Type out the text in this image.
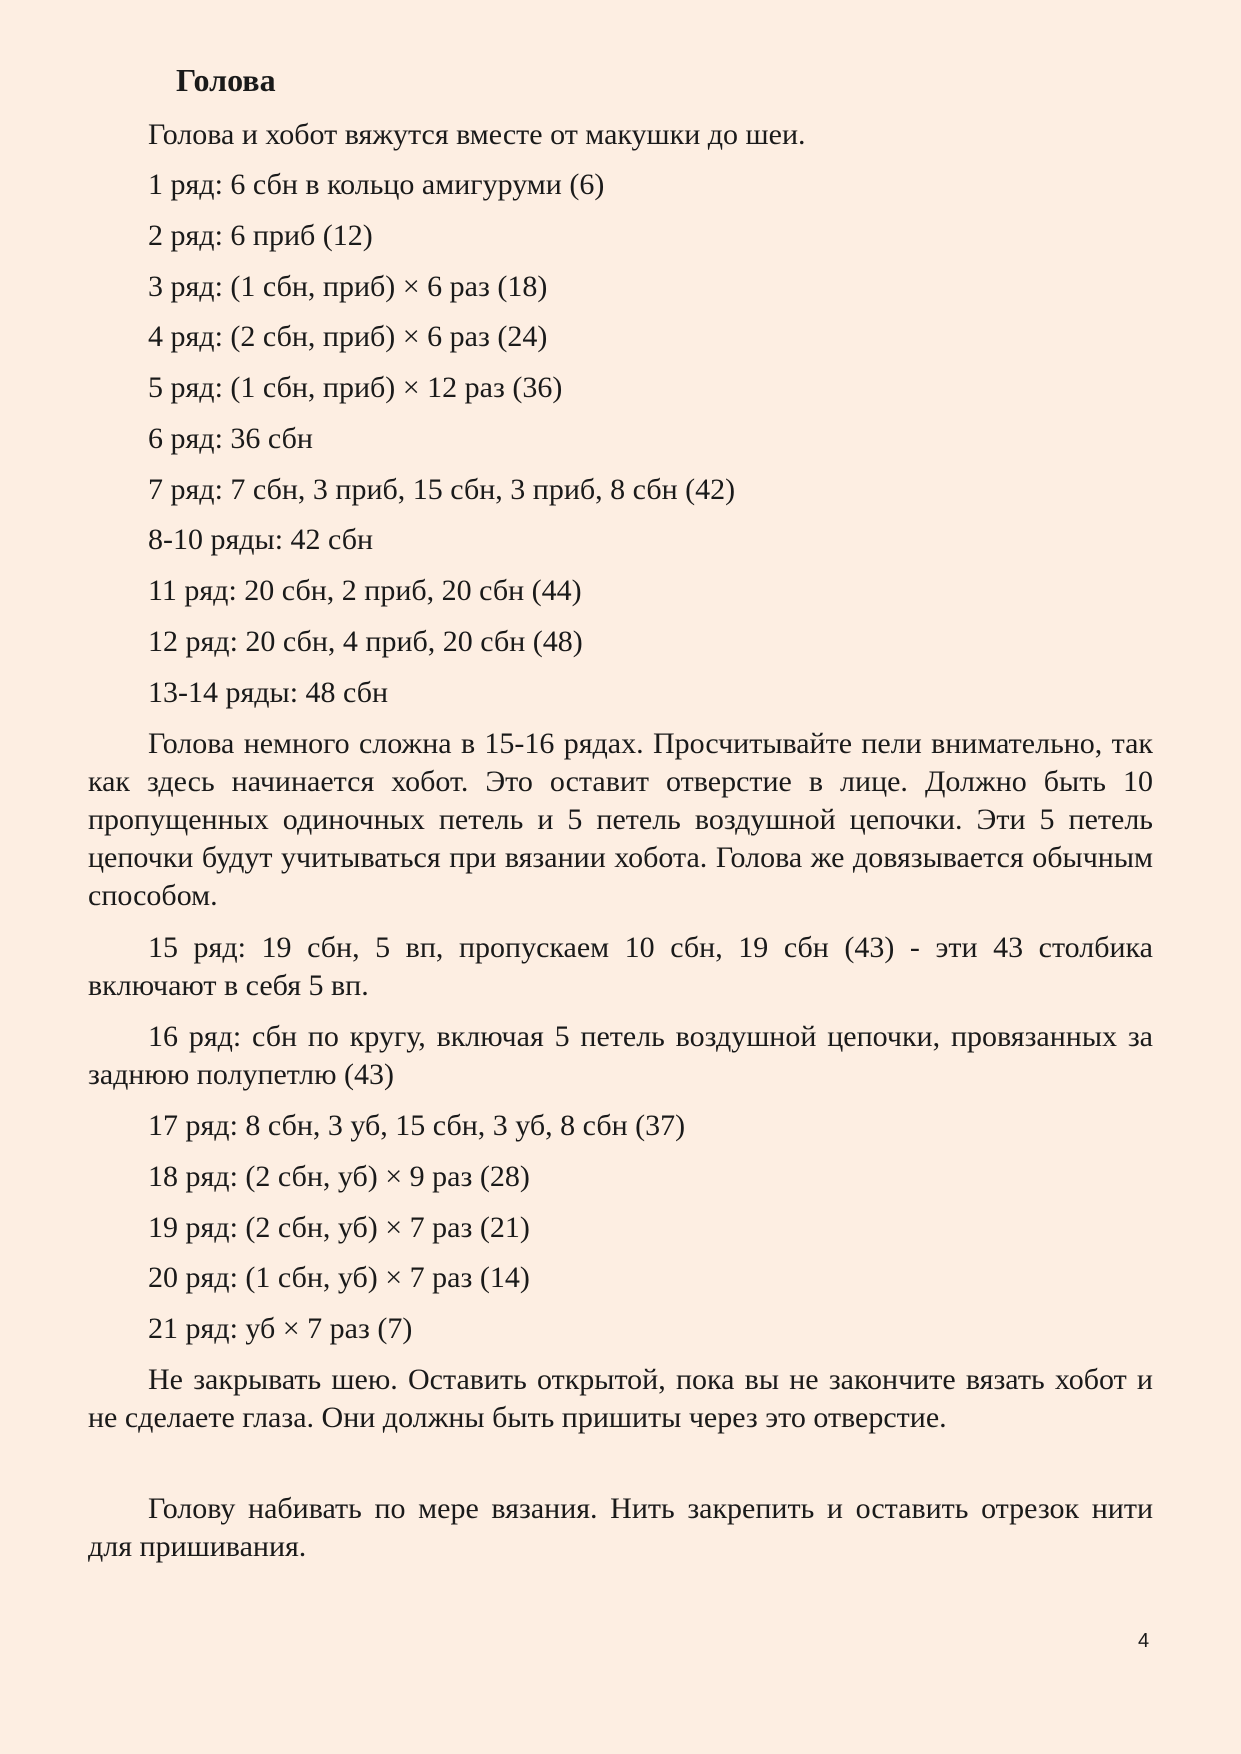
Голова

Голова и хобот вяжутся вместе от макушки до шеи.

1 ряд: 6 сбн в кольцо амигуруми (6)

2 ряд: 6 приб (12)

3 ряд: (1 сбн, приб) × 6 раз (18)

4 ряд: (2 сбн, приб) × 6 раз (24)

5 ряд: (1 сбн, приб) × 12 раз (36)

6 ряд: 36 сбн

7 ряд: 7 сбн, 3 приб, 15 сбн, 3 приб, 8 сбн (42)

8-10 ряды: 42 сбн

11 ряд: 20 сбн, 2 приб, 20 сбн (44)

12 ряд: 20 сбн, 4 приб, 20 сбн (48)

13-14 ряды: 48 сбн

Голова немного сложна в 15-16 рядах. Просчитывайте пели внимательно, так как здесь начинается хобот. Это оставит отверстие в лице. Должно быть 10 пропущенных одиночных петель и 5 петель воздушной цепочки. Эти 5 петель цепочки будут учитываться при вязании хобота. Голова же довязывается обычным способом.

15 ряд: 19 сбн, 5 вп, пропускаем 10 сбн, 19 сбн (43) - эти 43 столбика включают в себя 5 вп.

16 ряд: сбн по кругу, включая 5 петель воздушной цепочки, провязанных за заднюю полупетлю (43)

17 ряд: 8 сбн, 3 уб, 15 сбн, 3 уб, 8 сбн (37)

18 ряд: (2 сбн, уб) × 9 раз (28)

19 ряд: (2 сбн, уб) × 7 раз (21)

20 ряд: (1 сбн, уб) × 7 раз (14)

21 ряд: уб × 7 раз (7)

Не закрывать шею. Оставить открытой, пока вы не закончите вязать хобот и не сделаете глаза. Они должны быть пришиты через это отверстие.

Голову набивать по мере вязания. Нить закрепить и оставить отрезок нити для пришивания.

4
